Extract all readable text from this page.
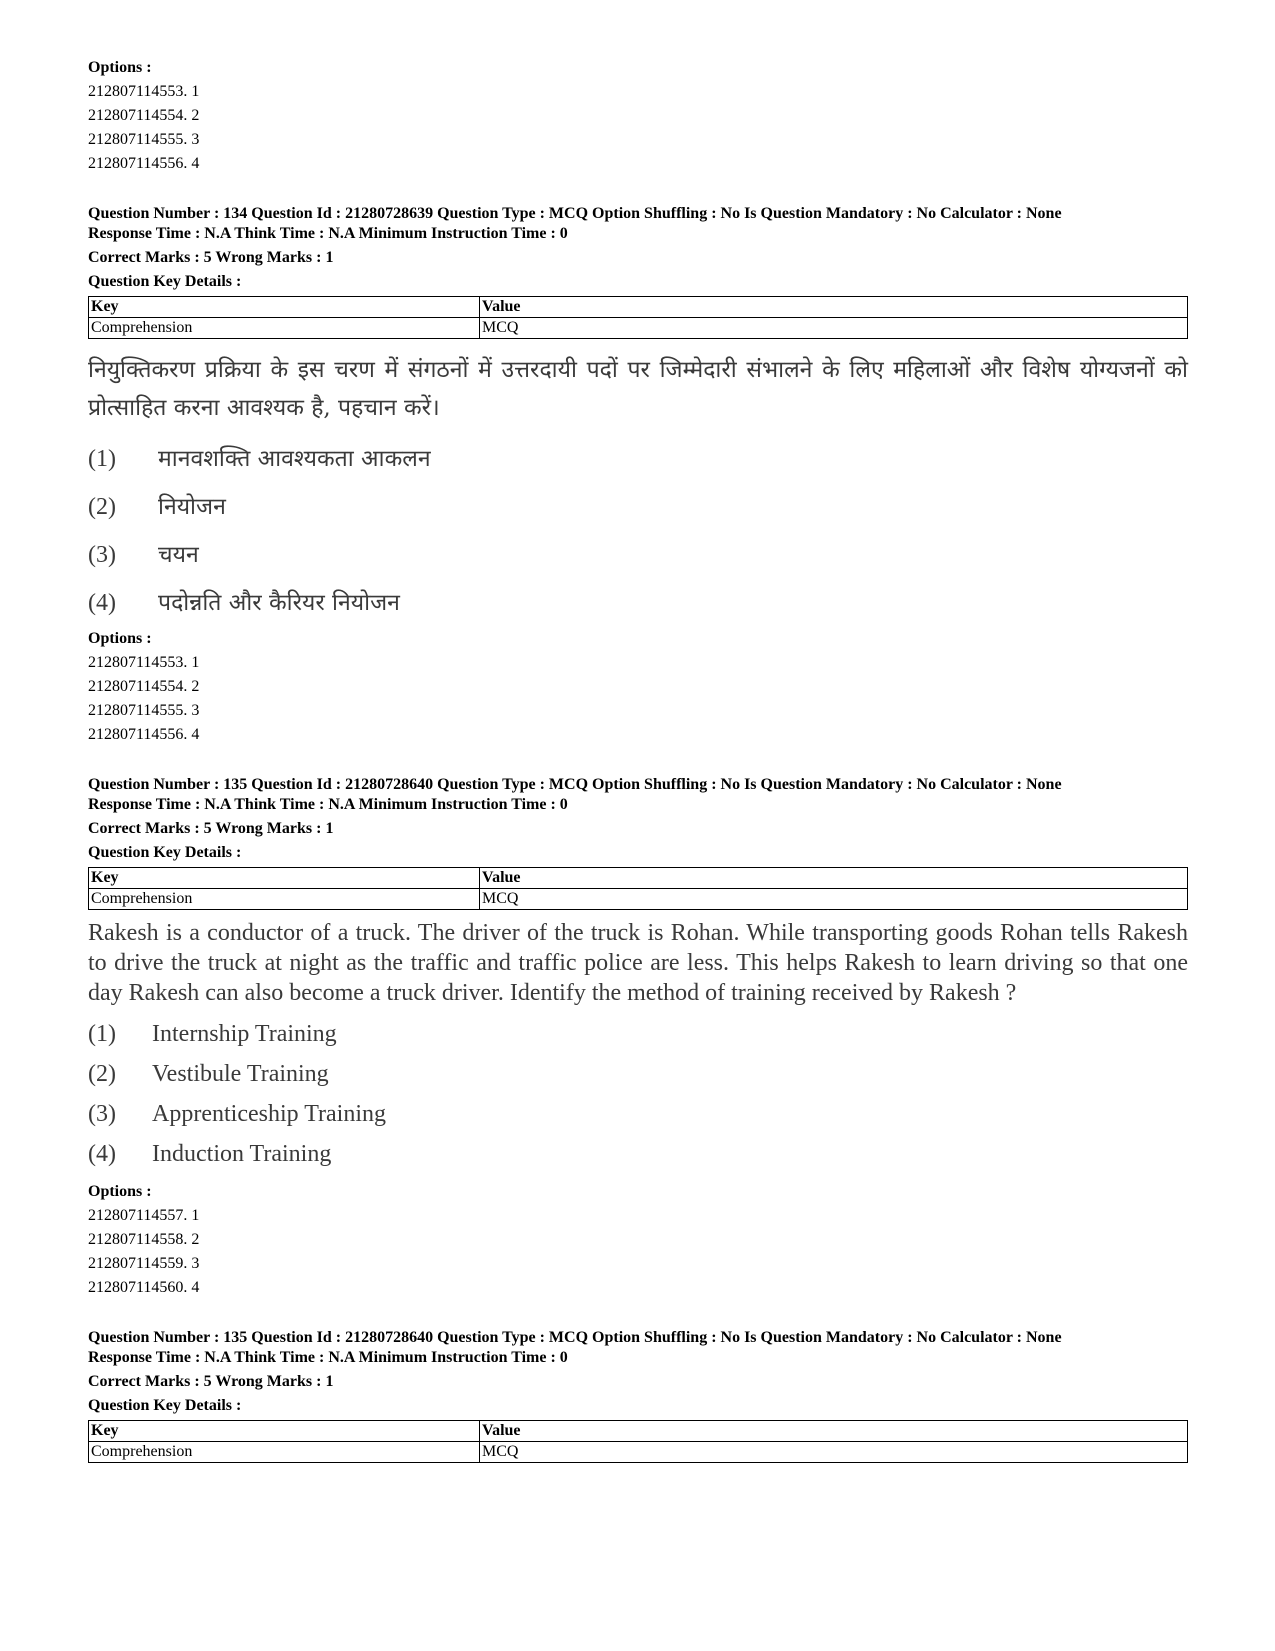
Options :
212807114553. 1
212807114554. 2
212807114555. 3
212807114556. 4
Question Number : 134 Question Id : 21280728639 Question Type : MCQ Option Shuffling : No Is Question Mandatory : No Calculator : None
Response Time : N.A Think Time : N.A Minimum Instruction Time : 0
Correct Marks : 5 Wrong Marks : 1
Question Key Details :
Key	Value
Comprehension	MCQ
नियुक्तिकरण प्रक्रिया के इस चरण में संगठनों में उत्तरदायी पदों पर जिम्मेदारी संभालने के लिए महिलाओं और विशेष योग्यजनों को प्रोत्साहित करना आवश्यक है, पहचान करें।
(1)	मानवशक्ति आवश्यकता आकलन
(2)	नियोजन
(3)	चयन
(4)	पदोन्नति और कैरियर नियोजन
Options :
212807114553. 1
212807114554. 2
212807114555. 3
212807114556. 4
Question Number : 135 Question Id : 21280728640 Question Type : MCQ Option Shuffling : No Is Question Mandatory : No Calculator : None
Response Time : N.A Think Time : N.A Minimum Instruction Time : 0
Correct Marks : 5 Wrong Marks : 1
Question Key Details :
Key	Value
Comprehension	MCQ
Rakesh is a conductor of a truck. The driver of the truck is Rohan. While transporting goods Rohan tells Rakesh to drive the truck at night as the traffic and traffic police are less. This helps Rakesh to learn driving so that one day Rakesh can also become a truck driver. Identify the method of training received by Rakesh ?
(1)	Internship Training
(2)	Vestibule Training
(3)	Apprenticeship Training
(4)	Induction Training
Options :
212807114557. 1
212807114558. 2
212807114559. 3
212807114560. 4
Question Number : 135 Question Id : 21280728640 Question Type : MCQ Option Shuffling : No Is Question Mandatory : No Calculator : None
Response Time : N.A Think Time : N.A Minimum Instruction Time : 0
Correct Marks : 5 Wrong Marks : 1
Question Key Details :
Key	Value
Comprehension	MCQ
